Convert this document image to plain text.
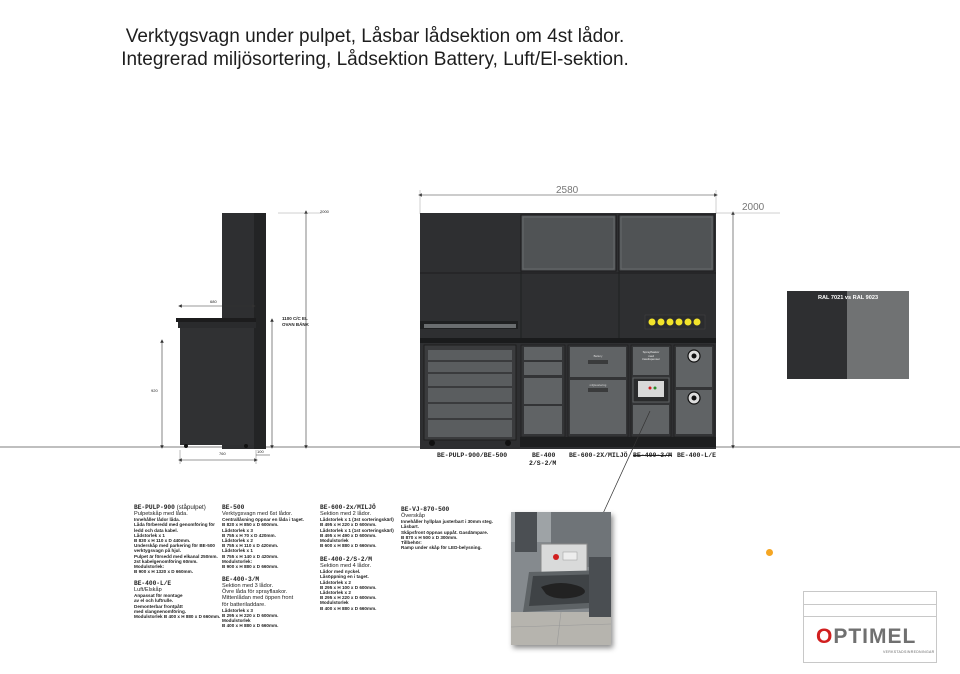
Verktygsvagn under pulpet, Låsbar lådsektion om 4st lådor.
Integrerad miljösortering, Lådsektion Battery, Luft/El-sektion.
2000
680
1100 C/C EL
OVAN BÄNK
920
760	100
2580
2000
Sprayflaskor
med
trasdispenser
Battery
miljösortering
BE-PULP-900/BE-500	BE-400
2/S-2/M
BE-600-2X/MILJÖ BE-400-3/M BE-400-L/E
RAL 7021 vs RAL 9023
BE-PULP-900 (ståpulpet)
Pulpetskåp med lådа.
Innehåller lådor lådа.
Låda förberedd med genomföring för
ledd och data kabel.
Lådstorlek x 1
B 830 x H 110 x D 440mm.
Underskåp med parkering för BE-500
verktygsvagn på hjul.
Pulpet är försedd med elkanal 250mm.
2st kabelgenomföring 60mm.
Modulstorlek:
B 900 x H 1320 x D 660mm.
BE-400-L/E
Luft/Elskåp
Anpassat för montage
av el och luftrulle.
Demonterbar frontpått
med slangnenomföring.
Modulstorlek B 400 x H 880 x D 660mm.
BE-500
Verktygsvagn med 6st lådor.
Centrallåsning öppnar en låda i taget.
B 820 x H 850 x D 600mm.
Lådstorlek x 3
B 755 x H 70 x D 420mm.
Lådstorlek x 2
B 755 x H 110 x D 420mm.
Lådstorlek x 1
B 755 x H 140 x D 420mm.
Modulstorlek:
B 900 x H 880 x D 660mm.
BE-400-3/M
Sektion med 3 lådor.
Övre låda för sprayflaskor.
Mittenlådan med öppen front
för batteriladdare.
Lådstorlek x 3
B 295 x H 220 x D 600mm.
Modulstorlek
B 400 x H 880 x D 660mm.
BE-600-2x/MILJÖ
Sektion med 2 lådor.
Lådstorlek x 1 (3st sorteringskärl)
B 495 x H 220 x D 600mm.
Lådstorlek x 1 (1st sorteringskärl)
B 495 x H 490 x D 600mm.
Modulstorlek
B 600 x H 880 x D 660mm.
BE-400-2/S-2/M
Sektion med 4 lådor.
Lådor med nyckel.
Låsöppning en i taget.
Lådstorlek x 2
B 295 x H 100 x D 600mm.
Lådstorlek x 2
B 295 x H 220 x D 600mm.
Modulstorlek
B 400 x H 880 x D 660mm.
BE-VJ-870-500
Överskåp
Innehåller hyllplan justerbart i 30mm steg.
Låsbart.
Skåpsfront öppnas uppåt. Gasdämpare.
B 870 x H 500 x D 300mm.
Tillbehör:
Ramp under skåp för LED-belysning.
OPTIMEL
VERKSTADSINREDNINGAR
